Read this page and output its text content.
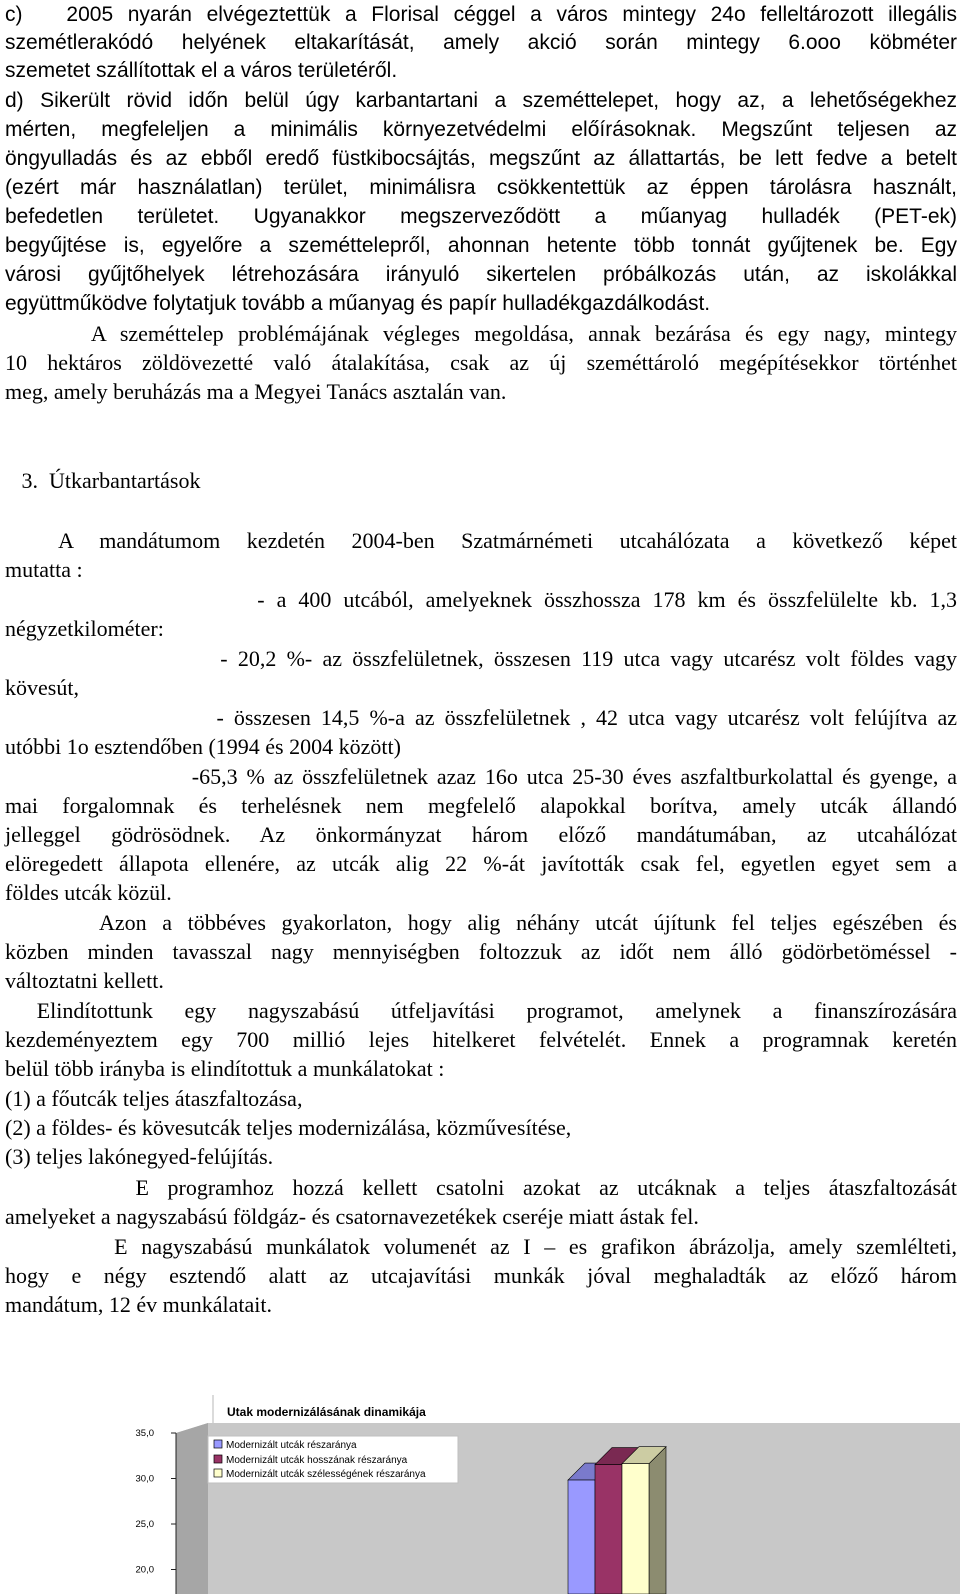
c)   2005 nyarán elvégeztettük a Florisal céggel a város mintegy 24o felleltározott illegális

szemétlerakódó helyének eltakarítását, amely akció során mintegy 6.ooo köbméter

szemetet szállítottak el a város területéről.

d) Sikerült rövid időn belül úgy karbantartani a szeméttelepet, hogy az, a lehetőségekhez

mérten, megfeleljen a minimális környezetvédelmi előírásoknak. Megszűnt teljesen az

öngyulladás és az ebből eredő füstkibocsájtás, megszűnt az állattartás, be lett fedve a betelt

(ezért már használatlan) terület, minimálisra csökkentettük az éppen tárolásra használt,

befedetlen területet. Ugyanakkor megszerveződött a műanyag hulladék (PET-ek)

begyűjtése is, egyelőre a szeméttelepről, ahonnan hetente több tonnát gyűjtenek be. Egy

városi gyűjtőhelyek létrehozására irányuló sikertelen próbálkozás után, az iskolákkal

együttműködve folytatjuk tovább a műanyag és papír hulladékgazdálkodást.

A szeméttelep problémájának végleges megoldása, annak bezárása és egy nagy, mintegy

10 hektáros zöldövezetté való átalakítása, csak az új szeméttároló megépítésekkor történhet

meg, amely beruházás ma a Megyei Tanács asztalán van.

3.  Útkarbantartások

A mandátumom kezdetén 2004-ben Szatmárnémeti utcahálózata a következő képet

mutatta :

- a 400 utcából, amelyeknek összhossza 178 km és összfelülelte kb. 1,3

négyzetkilométer:

- 20,2 %- az összfelületnek, összesen 119 utca vagy utcarész volt földes vagy

kövesút,

- összesen 14,5 %-a az összfelületnek , 42 utca vagy utcarész volt felújítva az

utóbbi 1o esztendőben (1994 és 2004 között)

-65,3 % az összfelületnek azaz 16o utca 25-30 éves aszfaltburkolattal és gyenge, a

mai forgalomnak és terhelésnek nem megfelelő alapokkal borítva, amely utcák állandó

jelleggel gödrösödnek. Az önkormányzat három előző mandátumában, az utcahálózat

elöregedett állapota ellenére, az utcák alig 22 %-át javították csak fel, egyetlen egyet sem a

földes utcák közül.

Azon a többéves gyakorlaton, hogy alig néhány utcát újítunk fel teljes egészében és

közben minden tavasszal nagy mennyiségben foltozzuk az időt nem álló gödörbetöméssel -

változtatni kellett.

Elindítottunk egy nagyszabású útfeljavítási programot, amelynek a finanszírozására

kezdeményeztem egy 700 millió lejes hitelkeret felvételét. Ennek a programnak keretén

belül több irányba is elindítottuk a munkálatokat :

(1) a főutcák teljes átaszfaltozása,

(2) a földes- és kövesutcák teljes modernizálása, közművesítése,

(3) teljes lakónegyed-felújítás.

E programhoz hozzá kellett csatolni azokat az utcáknak a teljes átaszfaltozását

amelyeket a nagyszabású földgáz- és csatornavezetékek cseréje miatt ástak fel.

E nagyszabású munkálatok volumenét az I – es grafikon ábrázolja, amely szemlélteti,

hogy e négy esztendő alatt az utcajavítási munkák jóval meghaladták az előző három

mandátum, 12 év munkálatait.

Utak modernizálásának dinamikája
35,0
30,0
25,0
20,0
Modernizált utcák részaránya
Modernizált utcák hosszának részaránya
Modernizált utcák szélességének részaránya
